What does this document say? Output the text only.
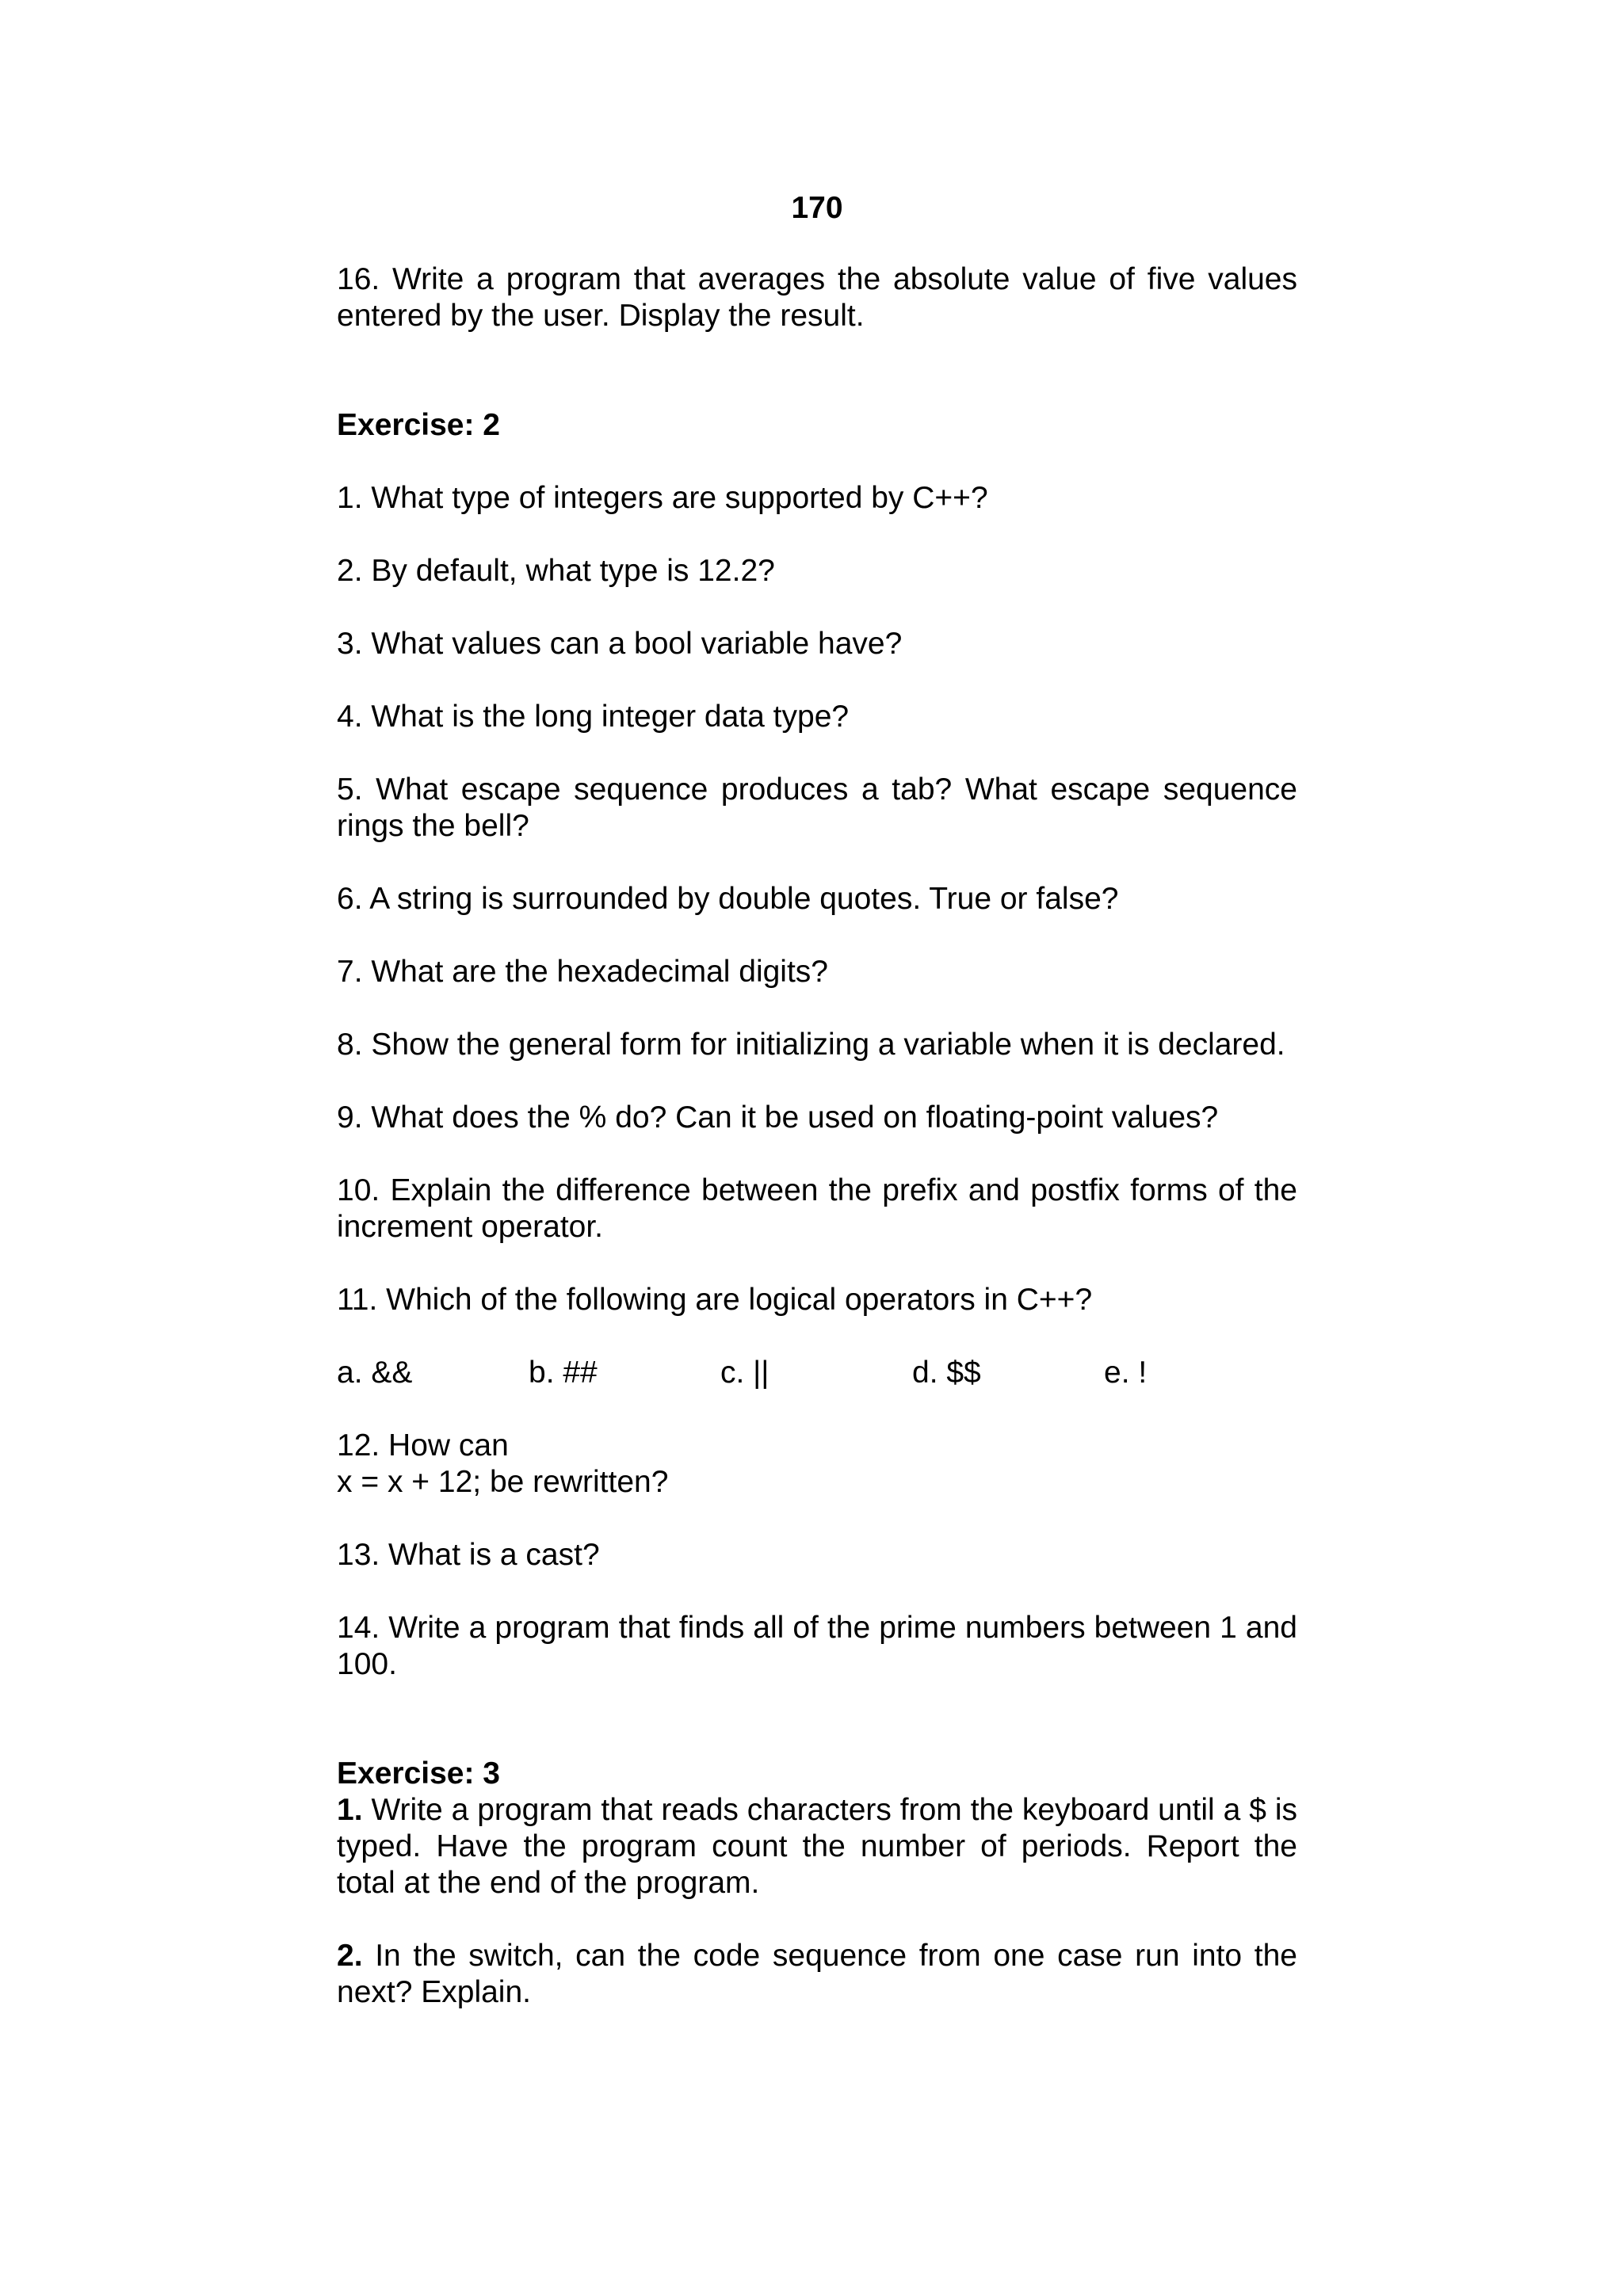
170

16. Write a program that averages the absolute value of five values entered by the user. Display the result.

Exercise: 2

1. What type of integers are supported by C++?

2. By default, what type is 12.2?

3. What values can a bool variable have?

4. What is the long integer data type?

5. What escape sequence produces a tab? What escape sequence rings the bell?

6. A string is surrounded by double quotes. True or false?

7. What are the hexadecimal digits?

8. Show the general form for initializing a variable when it is declared.

9. What does the % do? Can it be used on floating-point values?

10. Explain the difference between the prefix and postfix forms of the increment operator.

11. Which of the following are logical operators in C++?

a. &&	b. ##	c. ||	d. $$	e. !

12. How can
x = x + 12; be rewritten?

13. What is a cast?

14. Write a program that finds all of the prime numbers between 1 and 100.

Exercise: 3

1. Write a program that reads characters from the keyboard until a $ is typed. Have the program count the number of periods. Report the total at the end of the program.

2. In the switch, can the code sequence from one case run into the next? Explain.
